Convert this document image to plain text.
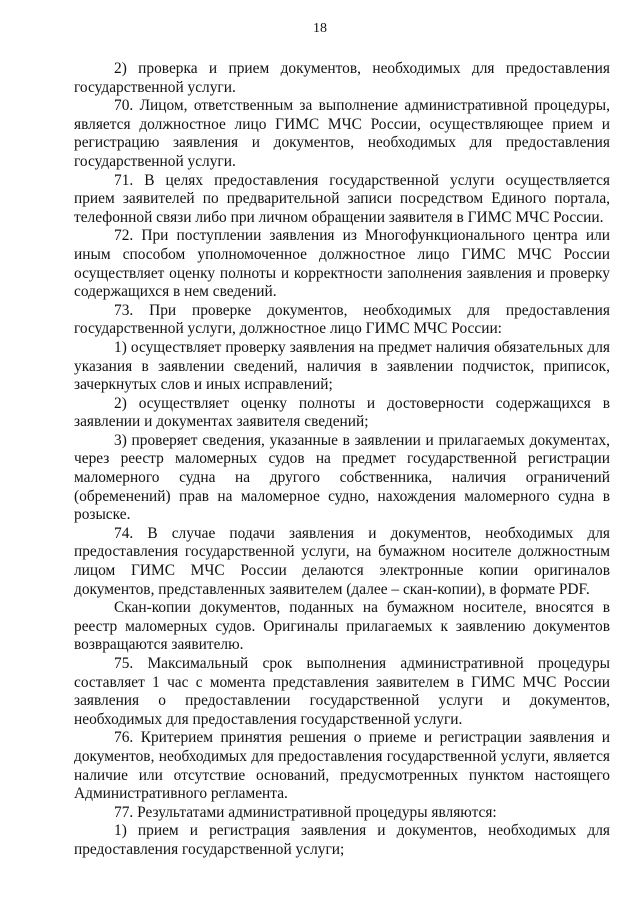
18

2) проверка и прием документов, необходимых для предоставления государственной услуги.

70. Лицом, ответственным за выполнение административной процедуры, является должностное лицо ГИМС МЧС России, осуществляющее прием и регистрацию заявления и документов, необходимых для предоставления государственной услуги.

71. В целях предоставления государственной услуги осуществляется прием заявителей по предварительной записи посредством Единого портала, телефонной связи либо при личном обращении заявителя в ГИМС МЧС России.

72. При поступлении заявления из Многофункционального центра или иным способом уполномоченное должностное лицо ГИМС МЧС России осуществляет оценку полноты и корректности заполнения заявления и проверку содержащихся в нем сведений.

73. При проверке документов, необходимых для предоставления государственной услуги, должностное лицо ГИМС МЧС России:

1) осуществляет проверку заявления на предмет наличия обязательных для указания в заявлении сведений, наличия в заявлении подчисток, приписок, зачеркнутых слов и иных исправлений;

2) осуществляет оценку полноты и достоверности содержащихся в заявлении и документах заявителя сведений;

3) проверяет сведения, указанные в заявлении и прилагаемых документах, через реестр маломерных судов на предмет государственной регистрации маломерного судна на другого собственника, наличия ограничений (обременений) прав на маломерное судно, нахождения маломерного судна в розыске.

74. В случае подачи заявления и документов, необходимых для предоставления государственной услуги, на бумажном носителе должностным лицом ГИМС МЧС России делаются электронные копии оригиналов документов, представленных заявителем (далее – скан-копии), в формате PDF.

Скан-копии документов, поданных на бумажном носителе, вносятся в реестр маломерных судов. Оригиналы прилагаемых к заявлению документов возвращаются заявителю.

75. Максимальный срок выполнения административной процедуры составляет 1 час с момента представления заявителем в ГИМС МЧС России заявления о предоставлении государственной услуги и документов, необходимых для предоставления государственной услуги.

76. Критерием принятия решения о приеме и регистрации заявления и документов, необходимых для предоставления государственной услуги, является наличие или отсутствие оснований, предусмотренных пунктом настоящего Административного регламента.

77. Результатами административной процедуры являются:

1) прием и регистрация заявления и документов, необходимых для предоставления государственной услуги;
